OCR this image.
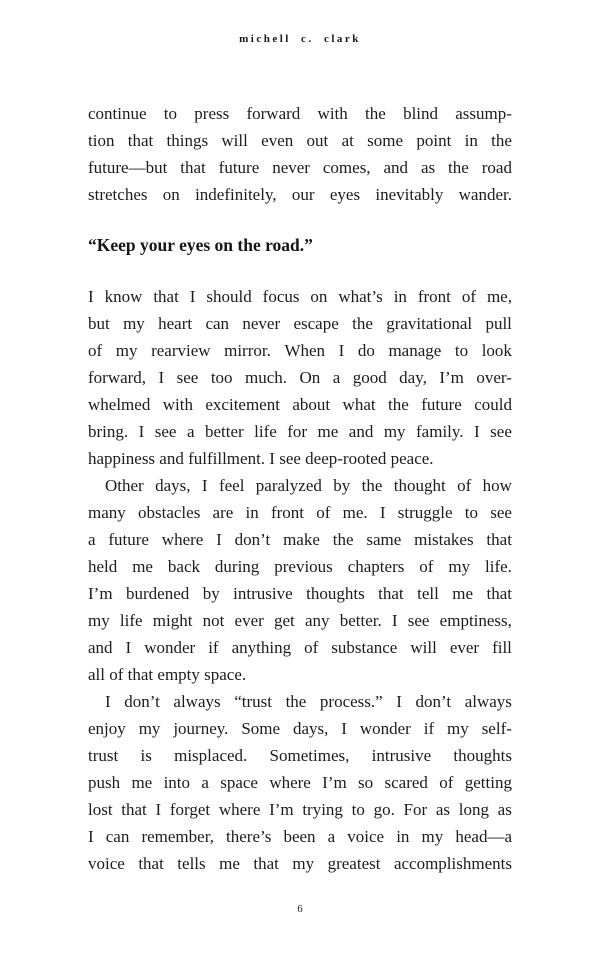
michell c. clark
continue to press forward with the blind assump-
tion that things will even out at some point in the
future—but that future never comes, and as the road
stretches on indefinitely, our eyes inevitably wander.
“Keep your eyes on the road.”
I know that I should focus on what’s in front of me,
but my heart can never escape the gravitational pull
of my rearview mirror. When I do manage to look
forward, I see too much. On a good day, I’m over-
whelmed with excitement about what the future could
bring. I see a better life for me and my family. I see
happiness and fulfillment. I see deep-rooted peace.
Other days, I feel paralyzed by the thought of how
many obstacles are in front of me. I struggle to see
a future where I don’t make the same mistakes that
held me back during previous chapters of my life.
I’m burdened by intrusive thoughts that tell me that
my life might not ever get any better. I see emptiness,
and I wonder if anything of substance will ever fill
all of that empty space.
I don’t always “trust the process.” I don’t always
enjoy my journey. Some days, I wonder if my self-
trust is misplaced. Sometimes, intrusive thoughts
push me into a space where I’m so scared of getting
lost that I forget where I’m trying to go. For as long as
I can remember, there’s been a voice in my head—a
voice that tells me that my greatest accomplishments
6
